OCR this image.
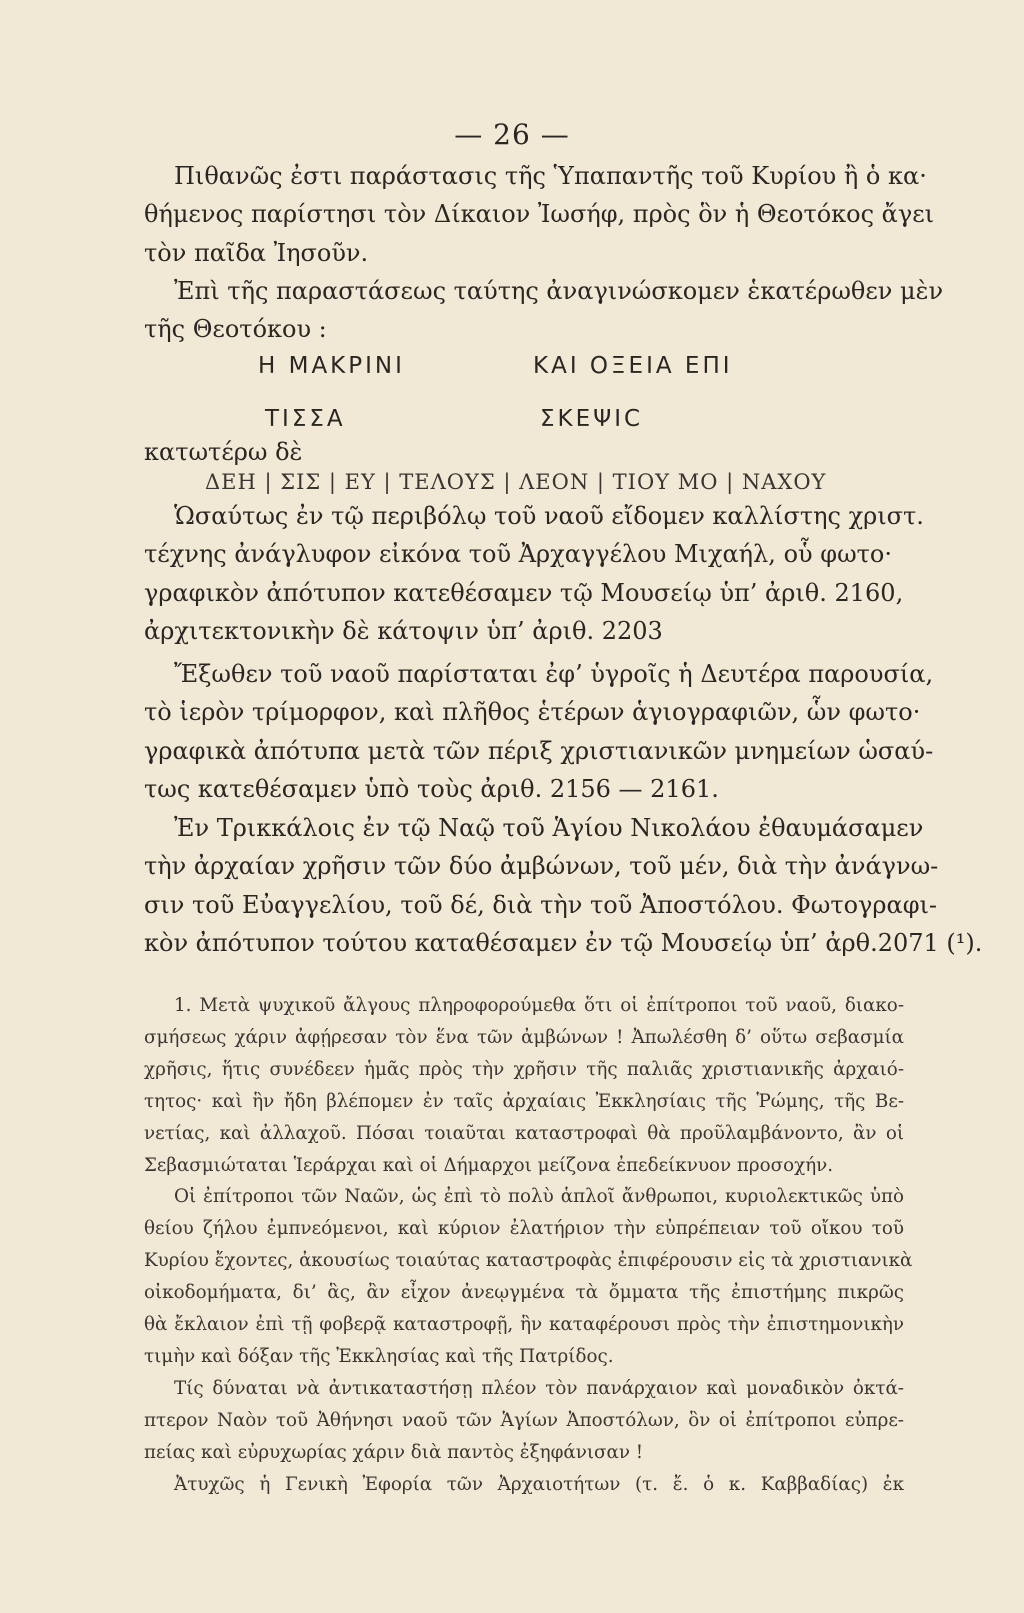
— 26 —
Πιθανῶς ἐστι παράστασις τῆς Ὑπαπαντῆς τοῦ Κυρίου ἢ ὁ κα·
θήμενος παρίστησι τὸν Δίκαιον Ἰωσήφ, πρὸς ὃν ἡ Θεοτόκος ἄγει
τὸν παῖδα Ἰησοῦν.
Ἐπὶ τῆς παραστάσεως ταύτης ἀναγινώσκομεν ἑκατέρωθεν μὲν
τῆς Θεοτόκου :
Η ΜΑΚΡΙΝΙ	ΚΑΙ ΟΞΕΙΑ ΕΠΙ
ΤΙΣΣΑ	ΣΚΕΨΙC
κατωτέρω δὲ
ΔΕΗ | ΣΙΣ | ΕΥ | ΤΕΛΟΥΣ | ΛΕΟΝ | ΤΙΟΥ ΜΟ | ΝΑΧΟΥ
Ὡσαύτως ἐν τῷ περιβόλῳ τοῦ ναοῦ εἴδομεν καλλίστης χριστ.
τέχνης ἀνάγλυφον εἰκόνα τοῦ Ἀρχαγγέλου Μιχαήλ, οὗ φωτο·
γραφικὸν ἀπότυπον κατεθέσαμεν τῷ Μουσείῳ ὑπ’ ἀριθ. 2160,
ἀρχιτεκτονικὴν δὲ κάτοψιν ὑπ’ ἀριθ. 2203
Ἔξωθεν τοῦ ναοῦ παρίσταται ἐφ’ ὑγροῖς ἡ Δευτέρα παρουσία,
τὸ ἱερὸν τρίμορφον, καὶ πλῆθος ἑτέρων ἁγιογραφιῶν, ὧν φωτο·
γραφικὰ ἀπότυπα μετὰ τῶν πέριξ χριστιανικῶν μνημείων ὡσαύ-
τως κατεθέσαμεν ὑπὸ τοὺς ἀριθ. 2156 — 2161.
Ἐν Τρικκάλοις ἐν τῷ Ναῷ τοῦ Ἁγίου Νικολάου ἐθαυμάσαμεν
τὴν ἀρχαίαν χρῆσιν τῶν δύο ἀμβώνων, τοῦ μέν, διὰ τὴν ἀνάγνω-
σιν τοῦ Εὐαγγελίου, τοῦ δέ, διὰ τὴν τοῦ Ἀποστόλου. Φωτογραφι-
κὸν ἀπότυπον τούτου καταθέσαμεν ἐν τῷ Μουσείῳ ὑπ’ ἀρθ.2071 (¹).
1. Μετὰ ψυχικοῦ ἄλγους πληροφορούμεθα ὅτι οἱ ἐπίτροποι τοῦ ναοῦ, διακο-
σμήσεως χάριν ἀφῄρεσαν τὸν ἕνα τῶν ἀμβώνων ! Ἀπωλέσθη δ’ οὕτω σεβασμία
χρῆσις, ἥτις συνέδεεν ἡμᾶς πρὸς τὴν χρῆσιν τῆς παλιᾶς χριστιανικῆς ἀρχαιό-
τητος· καὶ ἣν ἤδη βλέπομεν ἐν ταῖς ἀρχαίαις Ἐκκλησίαις τῆς Ῥώμης, τῆς Βε-
νετίας, καὶ ἀλλαχοῦ. Πόσαι τοιαῦται καταστροφαὶ θὰ προῦλαμβάνοντο, ἂν οἱ
Σεβασμιώταται Ἱεράρχαι καὶ οἱ Δήμαρχοι μείζονα ἐπεδείκνυον προσοχήν.
Οἱ ἐπίτροποι τῶν Ναῶν, ὡς ἐπὶ τὸ πολὺ ἁπλοῖ ἄνθρωποι, κυριολεκτικῶς ὑπὸ
θείου ζήλου ἐμπνεόμενοι, καὶ κύριον ἐλατήριον τὴν εὐπρέπειαν τοῦ οἴκου τοῦ
Κυρίου ἔχοντες, ἀκουσίως τοιαύτας καταστροφὰς ἐπιφέρουσιν εἰς τὰ χριστιανικὰ
οἰκοδομήματα, δι’ ἃς, ἂν εἶχον ἀνεῳγμένα τὰ ὄμματα τῆς ἐπιστήμης πικρῶς
θὰ ἔκλαιον ἐπὶ τῇ φοβερᾷ καταστροφῇ, ἣν καταφέρουσι πρὸς τὴν ἐπιστημονικὴν
τιμὴν καὶ δόξαν τῆς Ἐκκλησίας καὶ τῆς Πατρίδος.
Τίς δύναται νὰ ἀντικαταστήσῃ πλέον τὸν πανάρχαιον καὶ μοναδικὸν ὀκτά-
πτερον Ναὸν τοῦ Ἀθήνησι ναοῦ τῶν Ἁγίων Ἀποστόλων, ὃν οἱ ἐπίτροποι εὐπρε-
πείας καὶ εὐρυχωρίας χάριν διὰ παντὸς ἐξηφάνισαν !
Ἀτυχῶς ἡ Γενικὴ Ἐφορία τῶν Ἀρχαιοτήτων (τ. ἔ. ὁ κ. Καββαδίας) ἐκ
